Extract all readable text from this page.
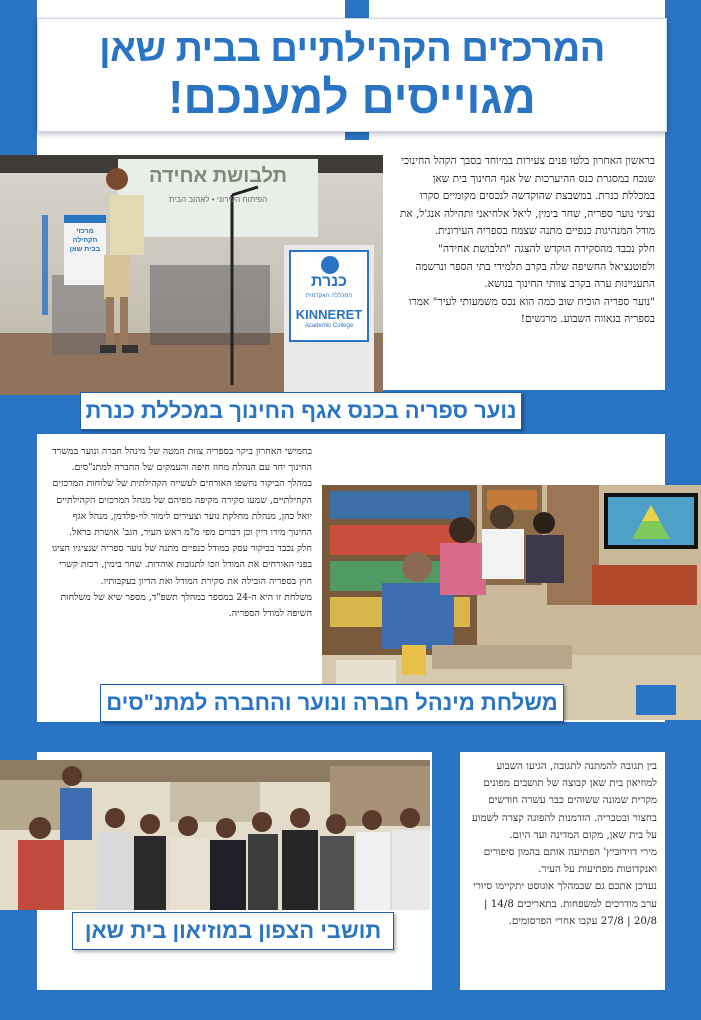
המרכזים הקהילתיים בבית שאן
מגוייסים למענכם!
תלבושת אחידה
הפיתוח העירוני • לאהוב הבית
מרכזי הקהילה בבית שאן
כנרת
המכללה האקדמית
KINNERET
Academic College
בראשון האחרון בלטו פנים צעירות במיוחד בסבך הקהל החינוכי שנכח במסגרת כנס ההיערכות של אגף החינוך בית שאן במכללת כנרת. במשבצת שהוקדשה לנכסים מקומיים סקרו נציגי נוער ספריה, שחר בימין, ליאל אלחיאני ותהילה אנג'ל, את מודל המנהיגות כנפיים מתנה שצמח בספריה העירונית.
חלק נכבד מהסקירה הוקדש להצגה "תלבושת אחידה" ולפוטנציאל החשיפה שלה בקרב תלמידי בתי הספר ונרשמה התעניינות ערה בקרב צוותי החינוך בנושא.
"נוער ספריה הוכיח שוב כמה הוא נכס משמעותי לעיר" אמרו בספריה בגאווה השבוע. מרגשים!
נוער ספריה בכנס אגף החינוך במכללת כנרת
בחמישי האחרון ביקר בספריה צוות המטה של מינהל חברה ונוער במשרד החינוך יחד עם הנהלת מחוז חיפה והעמקים של החברה למתנ"סים. במהלך הביקור נחשפו האורחים לעשייה הקהילתית של שלוחות המרכזים הקהילתיים, שמעו סקירה מקיפה מפיהם של מנהל המרכזים הקהילתיים יואל כהן, מנהלת מחלקת נוער וצעירים לימור לוי-פלדמן, מנהל אגף החינוך מירו דיין וכן דברים מפי מ"מ ראש העיר, הגב' אושרת בראל.
חלק נכבד בביקור עסק במודל כנפיים מתנה של נוער ספריה שנציגיו הציגו בפני האורחים את המודל וזכו לתגובות אוהדות. שחר בימין, רכזת קשרי חוץ בספריה הובילה את סקירת המודל ואת הדיון בעקבותיו.
משלחת זו היא ה-24 במספר במהלך תשפ"ד, מספר שיא של משלחות חשיפה למודל הספריה.
משלחת מינהל חברה ונוער והחברה למתנ"סים
בין תגובה להמתנה לתגובה, הגיעו השבוע למוזיאון בית שאן קבוצה של תושבים מפונים מקרית שמונה ששוהים כבר עשרה חודשים בחצור ובטבריה. הזדמנות להפוגה קצרה לשמוע על בית שאן, מקום המדינה ועד היום.
מירי דוידוביץ' הפתיעה אותם בהמון סיפורים ואנקדוטות מפתיעות על העיר.
נעדכן אתכם גם שבמהלך אוגוסט יתקיימו סיורי ערב מודרכים למשפחות. בתאריכים 14/8 | 20/8 | 27/8 עקבו אחרי הפרסומים.
תושבי הצפון במוזיאון בית שאן
